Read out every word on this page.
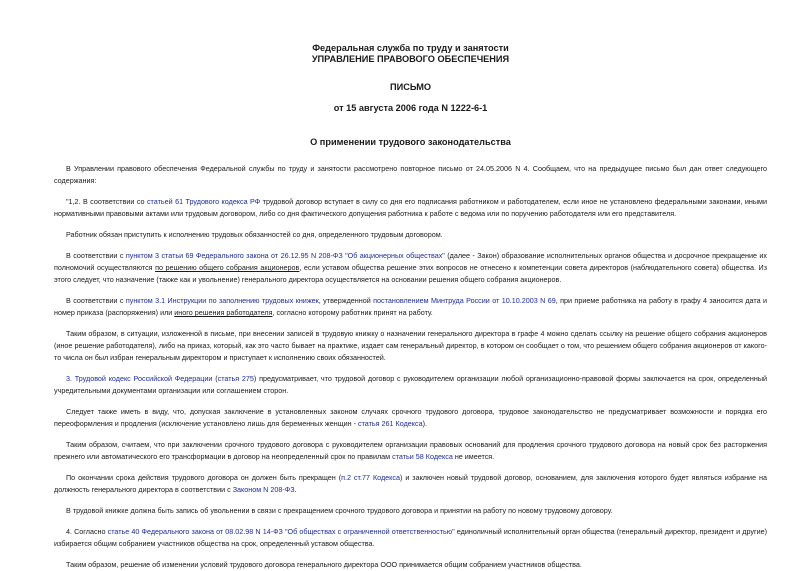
Федеральная служба по труду и занятости
УПРАВЛЕНИЕ ПРАВОВОГО ОБЕСПЕЧЕНИЯ
ПИСЬМО
от 15 августа 2006 года N 1222-6-1
О применении трудового законодательства

В Управлении правового обеспечения Федеральной службы по труду и занятости рассмотрено повторное письмо от 24.05.2006 N 4. Сообщаем, что на предыдущее письмо был дан ответ следующего содержания:

"1,2. В соответствии со статьей 61 Трудового кодекса РФ трудовой договор вступает в силу со дня его подписания работником и работодателем, если иное не установлено федеральными законами, иными нормативными правовыми актами или трудовым договором, либо со дня фактического допущения работника к работе с ведома или по поручению работодателя или его представителя.

Работник обязан приступить к исполнению трудовых обязанностей со дня, определенного трудовым договором.

В соответствии с пунктом 3 статьи 69 Федерального закона от 26.12.95 N 208-ФЗ "Об акционерных обществах" (далее - Закон) образование исполнительных органов общества и досрочное прекращение их полномочий осуществляются по решению общего собрания акционеров, если уставом общества решение этих вопросов не отнесено к компетенции совета директоров (наблюдательного совета) общества. Из этого следует, что назначение (также как и увольнение) генерального директора осуществляется на основании решения общего собрания акционеров.

В соответствии с пунктом 3.1 Инструкции по заполнению трудовых книжек, утвержденной постановлением Минтруда России от 10.10.2003 N 69, при приеме работника на работу в графу 4 заносится дата и номер приказа (распоряжения) или иного решения работодателя, согласно которому работник принят на работу.

Таким образом, в ситуации, изложенной в письме, при внесении записей в трудовую книжку о назначении генерального директора в графе 4 можно сделать ссылку на решение общего собрания акционеров (иное решение работодателя), либо на приказ, который, как это часто бывает на практике, издает сам генеральный директор, в котором он сообщает о том, что решением общего собрания акционеров от какого-то числа он был избран генеральным директором и приступает к исполнению своих обязанностей.

3. Трудовой кодекс Российской Федерации (статья 275) предусматривает, что трудовой договор с руководителем организации любой организационно-правовой формы заключается на срок, определенный учредительными документами организации или соглашением сторон.

Следует также иметь в виду, что, допуская заключение в установленных законом случаях срочного трудового договора, трудовое законодательство не предусматривает возможности и порядка его переоформления и продления (исключение установлено лишь для беременных женщин - статья 261 Кодекса).

Таким образом, считаем, что при заключении срочного трудового договора с руководителем организации правовых оснований для продления срочного трудового договора на новый срок без расторжения прежнего или автоматического его трансформации в договор на неопределенный срок по правилам статьи 58 Кодекса не имеется.

По окончании срока действия трудового договора он должен быть прекращен (п.2 ст.77 Кодекса) и заключен новый трудовой договор, основанием, для заключения которого будет являться избрание на должность генерального директора в соответствии с Законом N 208-ФЗ.

В трудовой книжке должна быть запись об увольнении в связи с прекращением срочного трудового договора и принятии на работу по новому трудовому договору.

4. Согласно статье 40 Федерального закона от 08.02.98 N 14-ФЗ "Об обществах с ограниченной ответственностью" единоличный исполнительный орган общества (генеральный директор, президент и другие) избирается общим собранием участников общества на срок, определенный уставом общества.

Таким образом, решение об изменении условий трудового договора генерального директора ООО принимается общим собранием участников общества.
